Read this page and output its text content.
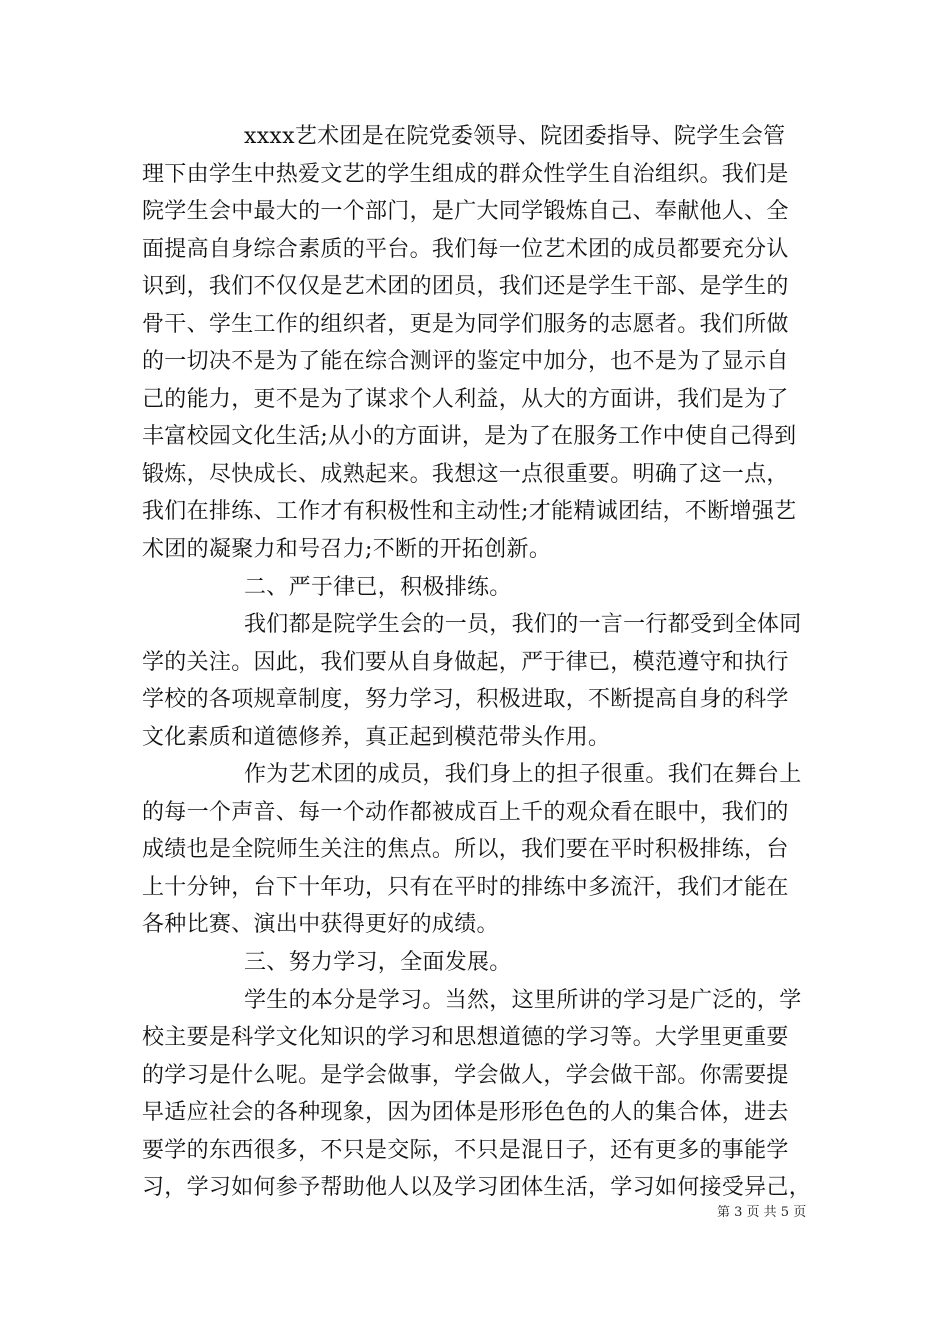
xxxx艺术团是在院党委领导、院团委指导、院学生会管
理下由学生中热爱文艺的学生组成的群众性学生自治组织。我们是
院学生会中最大的一个部门，是广大同学锻炼自己、奉献他人、全
面提高自身综合素质的平台。我们每一位艺术团的成员都要充分认
识到，我们不仅仅是艺术团的团员，我们还是学生干部、是学生的
骨干、学生工作的组织者，更是为同学们服务的志愿者。我们所做
的一切决不是为了能在综合测评的鉴定中加分，也不是为了显示自
己的能力，更不是为了谋求个人利益，从大的方面讲，我们是为了
丰富校园文化生活;从小的方面讲，是为了在服务工作中使自己得到
锻炼，尽快成长、成熟起来。我想这一点很重要。明确了这一点，
我们在排练、工作才有积极性和主动性;才能精诚团结，不断增强艺
术团的凝聚力和号召力;不断的开拓创新。
二、严于律已，积极排练。
我们都是院学生会的一员，我们的一言一行都受到全体同
学的关注。因此，我们要从自身做起，严于律已，模范遵守和执行
学校的各项规章制度，努力学习，积极进取，不断提高自身的科学
文化素质和道德修养，真正起到模范带头作用。
作为艺术团的成员，我们身上的担子很重。我们在舞台上
的每一个声音、每一个动作都被成百上千的观众看在眼中，我们的
成绩也是全院师生关注的焦点。所以，我们要在平时积极排练，台
上十分钟，台下十年功，只有在平时的排练中多流汗，我们才能在
各种比赛、演出中获得更好的成绩。
三、努力学习，全面发展。
学生的本分是学习。当然，这里所讲的学习是广泛的，学
校主要是科学文化知识的学习和思想道德的学习等。大学里更重要
的学习是什么呢。是学会做事，学会做人，学会做干部。你需要提
早适应社会的各种现象，因为团体是形形色色的人的集合体，进去
要学的东西很多，不只是交际，不只是混日子，还有更多的事能学
习，学习如何参予帮助他人以及学习团体生活，学习如何接受异己，
第 3 页 共 5 页
